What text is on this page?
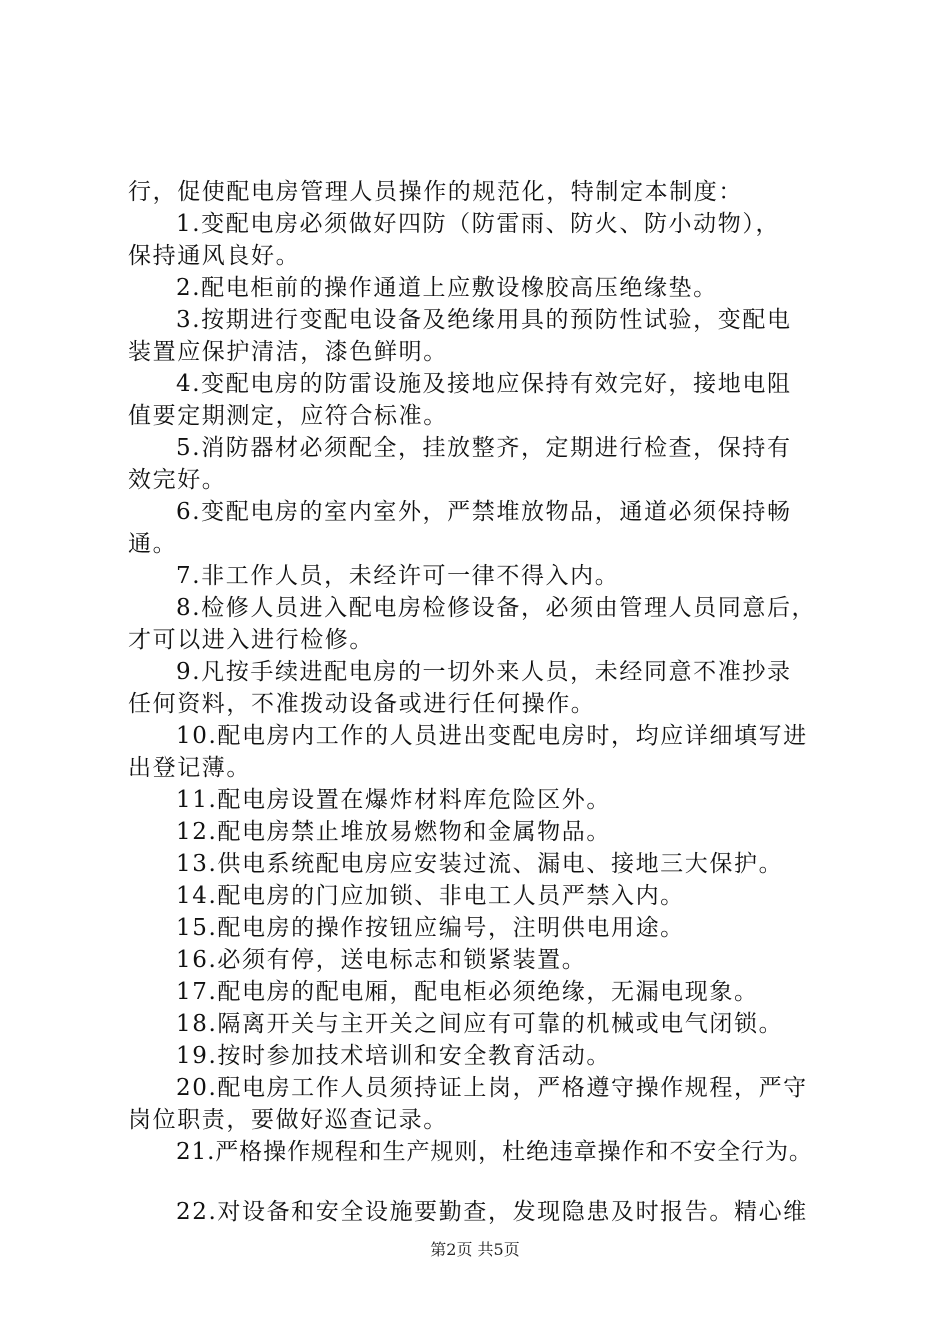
行，促使配电房管理人员操作的规范化，特制定本制度：
1.变配电房必须做好四防（防雷雨、防火、防小动物），
保持通风良好。
2.配电柜前的操作通道上应敷设橡胶高压绝缘垫。
3.按期进行变配电设备及绝缘用具的预防性试验，变配电
装置应保护清洁，漆色鲜明。
4.变配电房的防雷设施及接地应保持有效完好，接地电阻
值要定期测定，应符合标准。
5.消防器材必须配全，挂放整齐，定期进行检查，保持有
效完好。
6.变配电房的室内室外，严禁堆放物品，通道必须保持畅
通。
7.非工作人员，未经许可一律不得入内。
8.检修人员进入配电房检修设备，必须由管理人员同意后，
才可以进入进行检修。
9.凡按手续进配电房的一切外来人员，未经同意不准抄录
任何资料，不准拨动设备或进行任何操作。
10.配电房内工作的人员进出变配电房时，均应详细填写进
出登记薄。
11.配电房设置在爆炸材料库危险区外。
12.配电房禁止堆放易燃物和金属物品。
13.供电系统配电房应安装过流、漏电、接地三大保护。
14.配电房的门应加锁、非电工人员严禁入内。
15.配电房的操作按钮应编号，注明供电用途。
16.必须有停，送电标志和锁紧装置。
17.配电房的配电厢，配电柜必须绝缘，无漏电现象。
18.隔离开关与主开关之间应有可靠的机械或电气闭锁。
19.按时参加技术培训和安全教育活动。
20.配电房工作人员须持证上岗，严格遵守操作规程，严守
岗位职责，要做好巡查记录。
21.严格操作规程和生产规则，杜绝违章操作和不安全行为。
22.对设备和安全设施要勤查，发现隐患及时报告。精心维
第2页 共5页
